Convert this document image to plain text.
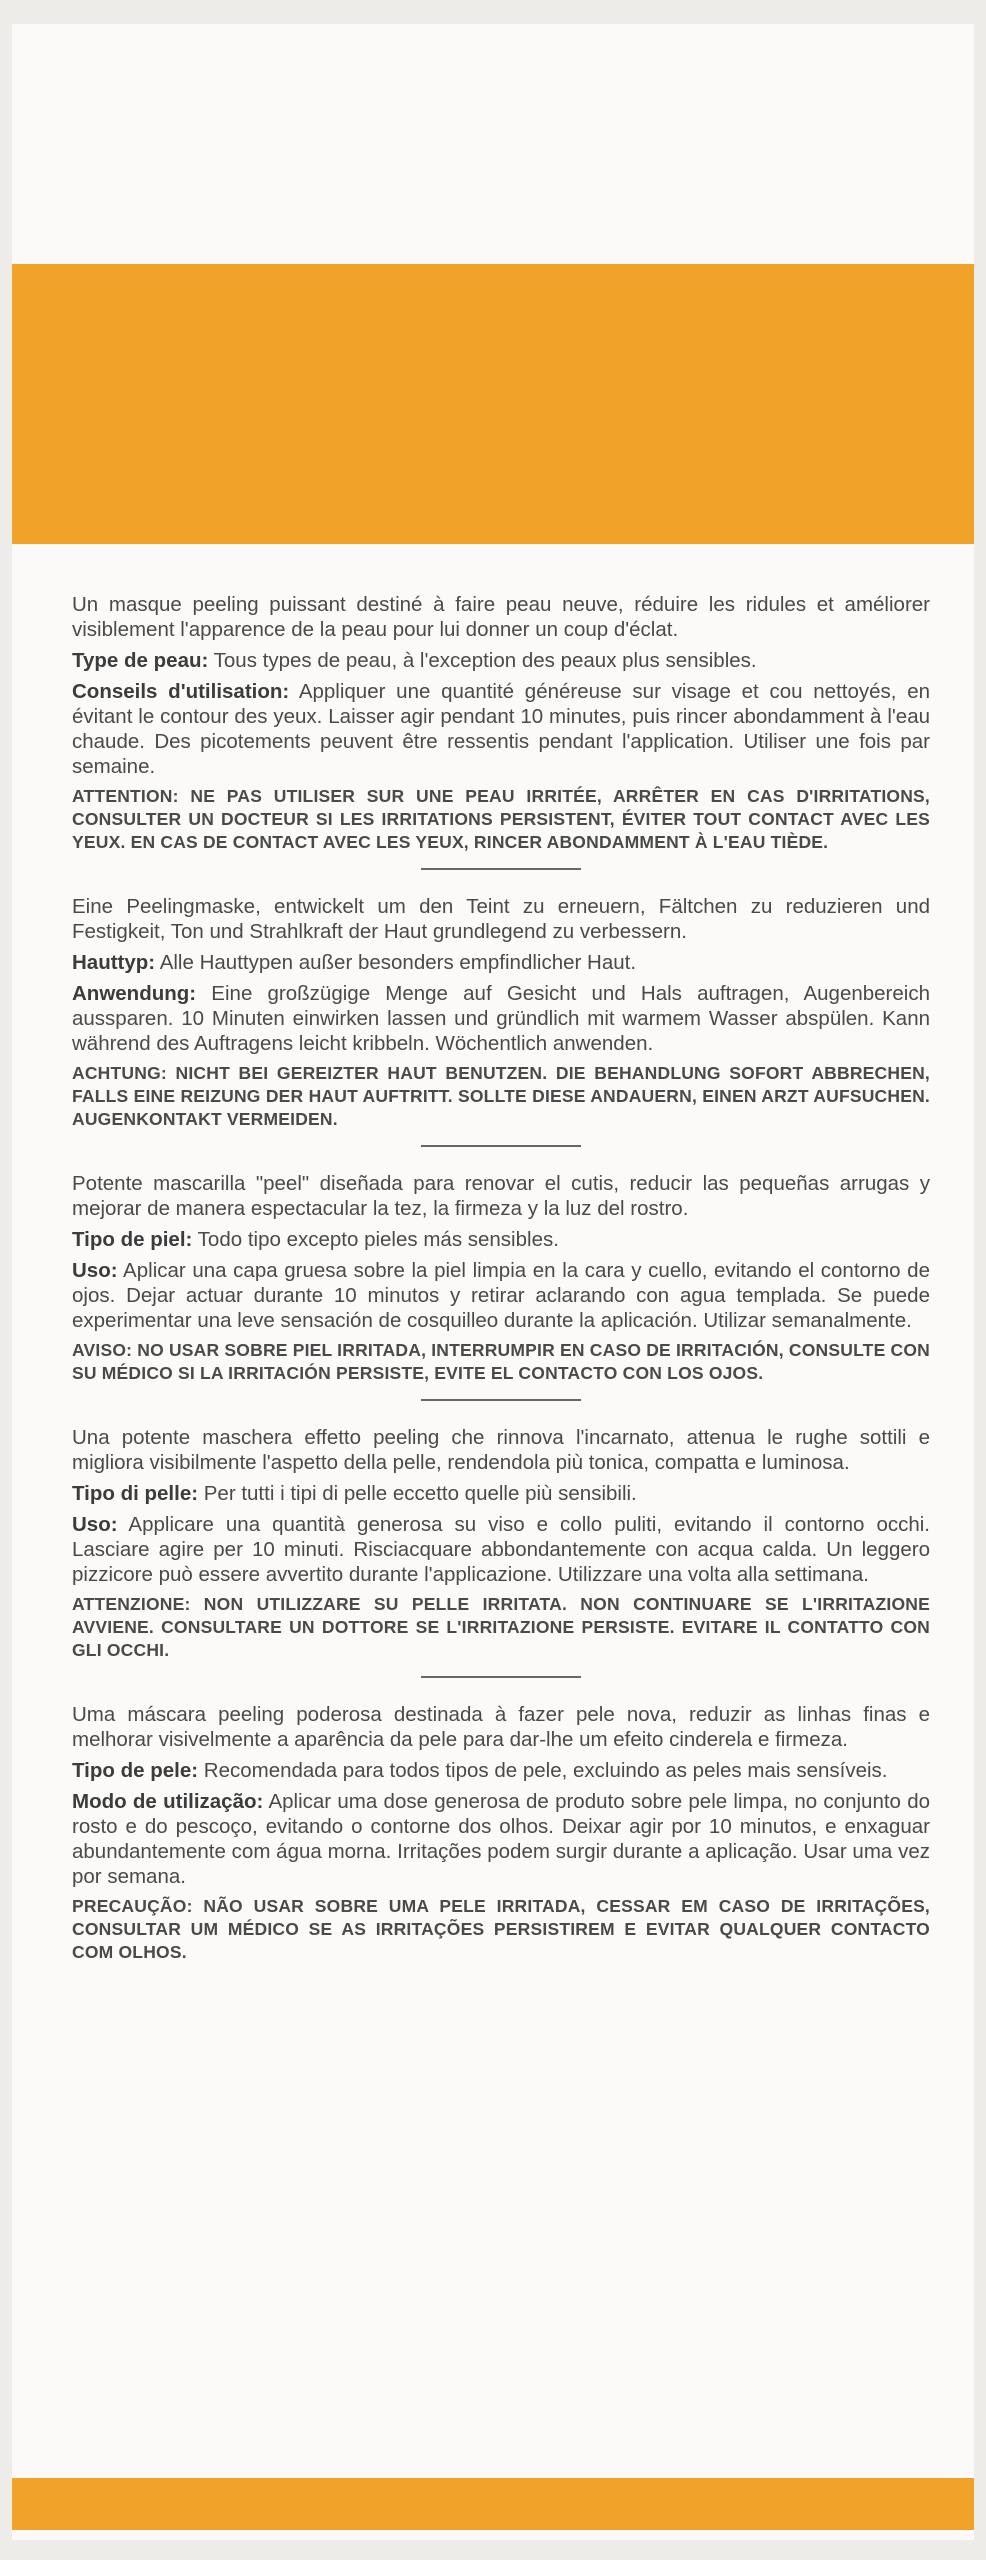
Un masque peeling puissant destiné à faire peau neuve, réduire les ridules et améliorer visiblement l'apparence de la peau pour lui donner un coup d'éclat.

Type de peau: Tous types de peau, à l'exception des peaux plus sensibles.

Conseils d'utilisation: Appliquer une quantité généreuse sur visage et cou nettoyés, en évitant le contour des yeux. Laisser agir pendant 10 minutes, puis rincer abondamment à l'eau chaude. Des picotements peuvent être ressentis pendant l'application. Utiliser une fois par semaine.

ATTENTION: NE PAS UTILISER SUR UNE PEAU IRRITÉE, ARRÊTER EN CAS D'IRRITATIONS, CONSULTER UN DOCTEUR SI LES IRRITATIONS PERSISTENT, ÉVITER TOUT CONTACT AVEC LES YEUX. EN CAS DE CONTACT AVEC LES YEUX, RINCER ABONDAMMENT À L'EAU TIÈDE.

Eine Peelingmaske, entwickelt um den Teint zu erneuern, Fältchen zu reduzieren und Festigkeit, Ton und Strahlkraft der Haut grundlegend zu verbessern.

Hauttyp: Alle Hauttypen außer besonders empfindlicher Haut.

Anwendung: Eine großzügige Menge auf Gesicht und Hals auftragen, Augenbereich aussparen. 10 Minuten einwirken lassen und gründlich mit warmem Wasser abspülen. Kann während des Auftragens leicht kribbeln. Wöchentlich anwenden.

ACHTUNG: NICHT BEI GEREIZTER HAUT BENUTZEN. DIE BEHANDLUNG SOFORT ABBRECHEN, FALLS EINE REIZUNG DER HAUT AUFTRITT. SOLLTE DIESE ANDAUERN, EINEN ARZT AUFSUCHEN. AUGENKONTAKT VERMEIDEN.

Potente mascarilla "peel" diseñada para renovar el cutis, reducir las pequeñas arrugas y mejorar de manera espectacular la tez, la firmeza y la luz del rostro.

Tipo de piel: Todo tipo excepto pieles más sensibles.

Uso: Aplicar una capa gruesa sobre la piel limpia en la cara y cuello, evitando el contorno de ojos. Dejar actuar durante 10 minutos y retirar aclarando con agua templada. Se puede experimentar una leve sensación de cosquilleo durante la aplicación. Utilizar semanalmente.

AVISO: NO USAR SOBRE PIEL IRRITADA, INTERRUMPIR EN CASO DE IRRITACIÓN, CONSULTE CON SU MÉDICO SI LA IRRITACIÓN PERSISTE, EVITE EL CONTACTO CON LOS OJOS.

Una potente maschera effetto peeling che rinnova l'incarnato, attenua le rughe sottili e migliora visibilmente l'aspetto della pelle, rendendola più tonica, compatta e luminosa.

Tipo di pelle: Per tutti i tipi di pelle eccetto quelle più sensibili.

Uso: Applicare una quantità generosa su viso e collo puliti, evitando il contorno occhi. Lasciare agire per 10 minuti. Risciacquare abbondantemente con acqua calda. Un leggero pizzicore può essere avvertito durante l'applicazione. Utilizzare una volta alla settimana.

ATTENZIONE: NON UTILIZZARE SU PELLE IRRITATA. NON CONTINUARE SE L'IRRITAZIONE AVVIENE. CONSULTARE UN DOTTORE SE L'IRRITAZIONE PERSISTE. EVITARE IL CONTATTO CON GLI OCCHI.

Uma máscara peeling poderosa destinada à fazer pele nova, reduzir as linhas finas e melhorar visivelmente a aparência da pele para dar-lhe um efeito cinderela e firmeza.

Tipo de pele: Recomendada para todos tipos de pele, excluindo as peles mais sensíveis.

Modo de utilização: Aplicar uma dose generosa de produto sobre pele limpa, no conjunto do rosto e do pescoço, evitando o contorne dos olhos. Deixar agir por 10 minutos, e enxaguar abundantemente com água morna. Irritações podem surgir durante a aplicação. Usar uma vez por semana.

PRECAUÇÃO: NÃO USAR SOBRE UMA PELE IRRITADA, CESSAR EM CASO DE IRRITAÇÕES, CONSULTAR UM MÉDICO SE AS IRRITAÇÕES PERSISTIREM E EVITAR QUALQUER CONTACTO COM OLHOS.
